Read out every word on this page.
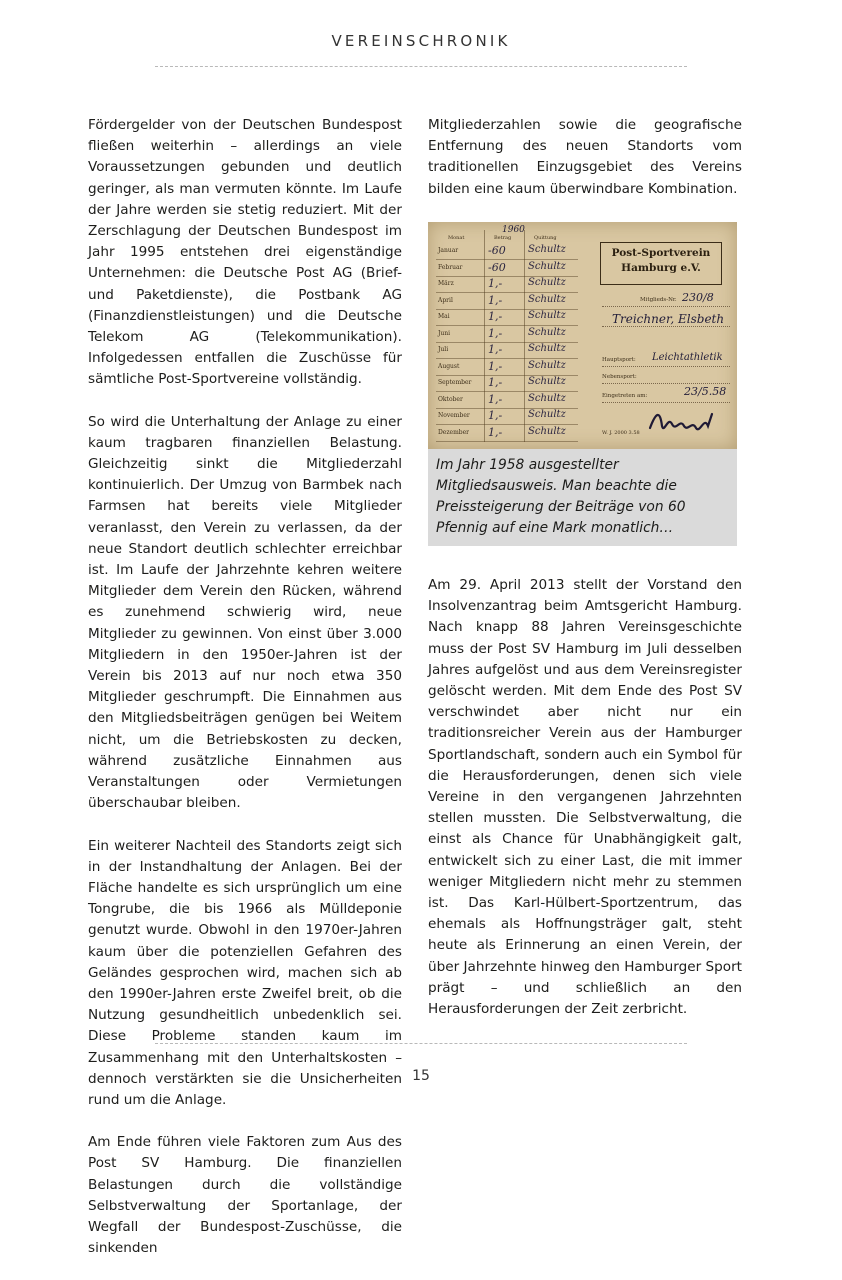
VEREINSCHRONIK

Fördergelder von der Deutschen Bundespost fließen weiterhin – allerdings an viele Voraussetzungen gebunden und deutlich geringer, als man vermuten könnte. Im Laufe der Jahre werden sie stetig reduziert. Mit der Zerschlagung der Deutschen Bundespost im Jahr 1995 entstehen drei eigenständige Unternehmen: die Deutsche Post AG (Brief- und Paketdienste), die Postbank AG (Finanzdienstleistungen) und die Deutsche Telekom AG (Telekommunikation). Infolgedessen entfallen die Zuschüsse für sämtliche Post-Sportvereine vollständig.

So wird die Unterhaltung der Anlage zu einer kaum tragbaren finanziellen Belastung. Gleichzeitig sinkt die Mitgliederzahl kontinuierlich. Der Umzug von Barmbek nach Farmsen hat bereits viele Mitglieder veranlasst, den Verein zu verlassen, da der neue Standort deutlich schlechter erreichbar ist. Im Laufe der Jahrzehnte kehren weitere Mitglieder dem Verein den Rücken, während es zunehmend schwierig wird, neue Mitglieder zu gewinnen. Von einst über 3.000 Mitgliedern in den 1950er-Jahren ist der Verein bis 2013 auf nur noch etwa 350 Mitglieder geschrumpft. Die Einnahmen aus den Mitgliedsbeiträgen genügen bei Weitem nicht, um die Betriebskosten zu decken, während zusätzliche Einnahmen aus Veranstaltungen oder Vermietungen überschaubar bleiben.

Ein weiterer Nachteil des Standorts zeigt sich in der Instandhaltung der Anlagen. Bei der Fläche handelte es sich ursprünglich um eine Tongrube, die bis 1966 als Mülldeponie genutzt wurde. Obwohl in den 1970er-Jahren kaum über die potenziellen Gefahren des Geländes gesprochen wird, machen sich ab den 1990er-Jahren erste Zweifel breit, ob die Nutzung gesundheitlich unbedenklich sei. Diese Probleme standen kaum im Zusammenhang mit den Unterhaltskosten – dennoch verstärkten sie die Unsicherheiten rund um die Anlage.

Am Ende führen viele Faktoren zum Aus des Post SV Hamburg. Die finanziellen Belastungen durch die vollständige Selbstverwaltung der Sportanlage, der Wegfall der Bundespost-Zuschüsse, die sinkenden

Mitgliederzahlen sowie die geografische Entfernung des neuen Standorts vom traditionellen Einzugsgebiet des Vereins bilden eine kaum überwindbare Kombination.

Monat	Betrag	Quittung
1960
Januar	-60 Schultz
Februar	-60 Schultz
März	1,-	Schultz
April	1,-	Schultz
Mai	1,-	Schultz
Juni	1,-	Schultz
Juli	1,-	Schultz
August	1,-	Schultz
September	1,-	Schultz
Oktober	1,-	Schultz
November	1,-	Schultz
Dezember	1,-	Schultz
Post-Sportverein
Hamburg e.V.
Mitglieds-Nr. 230/8
Treichner, Elsbeth
Hauptsport: Leichtathletik
Nebensport:
Eingetreten am:	23/5.58
W. J. 2000 3.58
Im Jahr 1958 ausgestellter Mitgliedsausweis. Man beachte die Preissteigerung der Beiträge von 60 Pfennig auf eine Mark monatlich…

Am 29. April 2013 stellt der Vorstand den Insolvenzantrag beim Amtsgericht Hamburg. Nach knapp 88 Jahren Vereinsgeschichte muss der Post SV Hamburg im Juli desselben Jahres aufgelöst und aus dem Vereinsregister gelöscht werden. Mit dem Ende des Post SV verschwindet aber nicht nur ein traditionsreicher Verein aus der Hamburger Sportlandschaft, sondern auch ein Symbol für die Herausforderungen, denen sich viele Vereine in den vergangenen Jahrzehnten stellen mussten. Die Selbstverwaltung, die einst als Chance für Unabhängigkeit galt, entwickelt sich zu einer Last, die mit immer weniger Mitgliedern nicht mehr zu stemmen ist. Das Karl-Hülbert-Sportzentrum, das ehemals als Hoffnungsträger galt, steht heute als Erinnerung an einen Verein, der über Jahrzehnte hinweg den Hamburger Sport prägt – und schließlich an den Herausforderungen der Zeit zerbricht.

15
